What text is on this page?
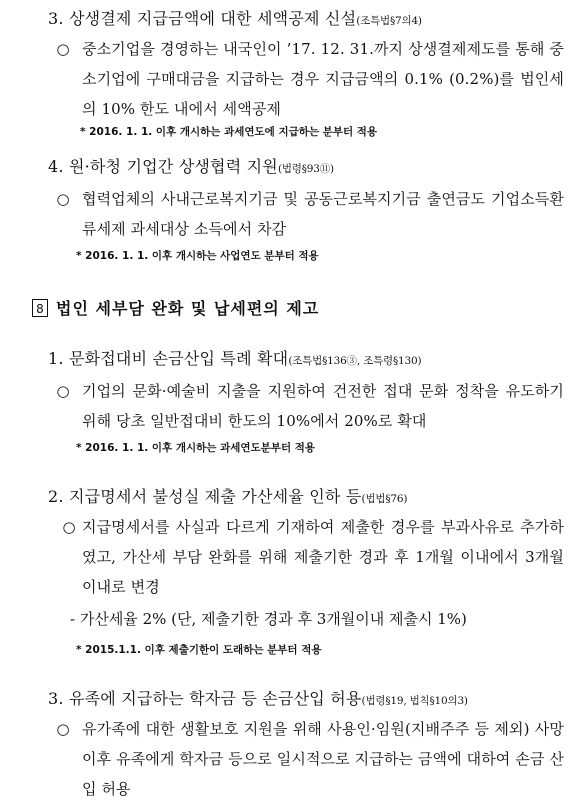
3. 상생결제 지급금액에 대한 세액공제 신설(조특법§7의4)
○ 중소기업을 경영하는 내국인이 ’17. 12. 31.까지 상생결제제도를 통해 중소기업에 구매대금을 지급하는 경우 지급금액의 0.1% (0.2%)를 법인세의 10% 한도 내에서 세액공제
* 2016. 1. 1. 이후 개시하는 과세연도에 지급하는 분부터 적용
4. 원·하청 기업간 상생협력 지원(법령§93⑪)
○ 협력업체의 사내근로복지기금 및 공동근로복지기금 출연금도 기업소득환류세제 과세대상 소득에서 차감
* 2016. 1. 1. 이후 개시하는 사업연도 분부터 적용
8 법인 세부담 완화 및 납세편의 제고
1. 문화접대비 손금산입 특례 확대(조특법§136③, 조특령§130)
○ 기업의 문화·예술비 지출을 지원하여 건전한 접대 문화 정착을 유도하기 위해 당초 일반접대비 한도의 10%에서 20%로 확대
* 2016. 1. 1. 이후 개시하는 과세연도분부터 적용
2. 지급명세서 불성실 제출 가산세율 인하 등(법법§76)
○ 지급명세서를 사실과 다르게 기재하여 제출한 경우를 부과사유로 추가하였고, 가산세 부담 완화를 위해 제출기한 경과 후 1개월 이내에서 3개월 이내로 변경
- 가산세율 2% (단, 제출기한 경과 후 3개월이내 제출시 1%)
* 2015.1.1. 이후 제출기한이 도래하는 분부터 적용
3. 유족에 지급하는 학자금 등 손금산입 허용(법령§19, 법칙§10의3)
○ 유가족에 대한 생활보호 지원을 위해 사용인·임원(지배주주 등 제외) 사망 이후 유족에게 학자금 등으로 일시적으로 지급하는 금액에 대하여 손금 산입 허용
